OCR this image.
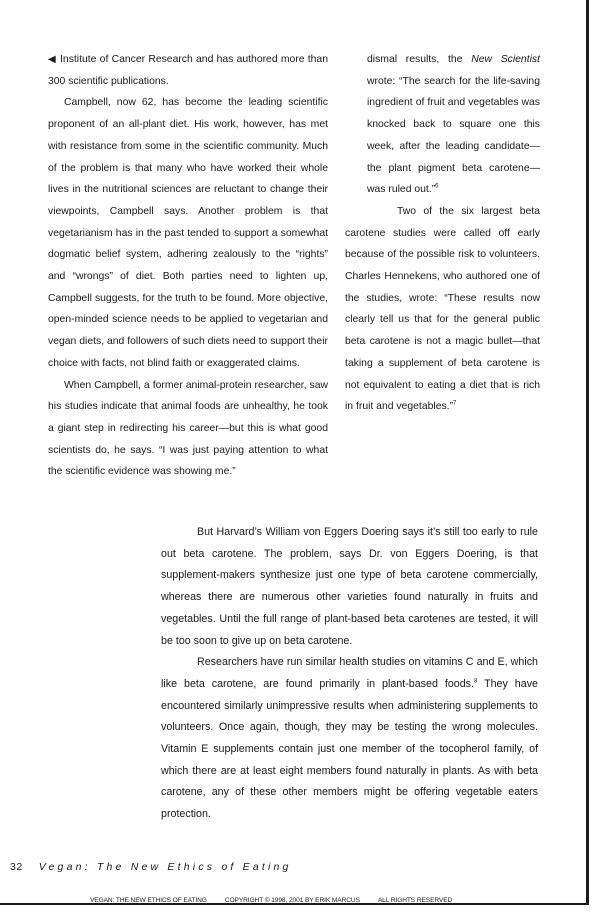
◀ Institute of Cancer Research and has authored more than 300 scientific publications.

Campbell, now 62, has become the leading scientific proponent of an all-plant diet. His work, however, has met with resistance from some in the scientific community. Much of the problem is that many who have worked their whole lives in the nutritional sciences are reluctant to change their viewpoints, Campbell says. Another problem is that vegetarianism has in the past tended to support a somewhat dogmatic belief system, adhering zealously to the “rights” and “wrongs” of diet. Both parties need to lighten up, Campbell suggests, for the truth to be found. More objective, open-minded science needs to be applied to vegetarian and vegan diets, and followers of such diets need to support their choice with facts, not blind faith or exaggerated claims.

When Campbell, a former animal-protein researcher, saw his studies indicate that animal foods are unhealthy, he took a giant step in redirecting his career—but this is what good scientists do, he says. “I was just paying attention to what the scientific evidence was showing me.”

dismal results, the New Scientist wrote: “The search for the life-saving ingredient of fruit and vegetables was knocked back to square one this week, after the leading candidate—the plant pigment beta carotene—was ruled out.”$^6$

Two of the six largest beta carotene studies were called off early because of the possible risk to volunteers. Charles Hennekens, who authored one of the studies, wrote: “These results now clearly tell us that for the general public beta carotene is not a magic bullet—that taking a supplement of beta carotene is not equivalent to eating a diet that is rich in fruit and vegetables.”$^7$

But Harvard’s William von Eggers Doering says it’s still too early to rule out beta carotene. The problem, says Dr. von Eggers Doering, is that supplement-makers synthesize just one type of beta carotene commercially, whereas there are numerous other varieties found naturally in fruits and vegetables. Until the full range of plant-based beta carotenes are tested, it will be too soon to give up on beta carotene.

Researchers have run similar health studies on vitamins C and E, which like beta carotene, are found primarily in plant-based foods.$^8$ They have encountered similarly unimpressive results when administering supplements to volunteers. Once again, though, they may be testing the wrong molecules. Vitamin E supplements contain just one member of the tocopherol family, of which there are at least eight members found naturally in plants. As with beta carotene, any of these other members might be offering vegetable eaters protection.

32 Vegan: The New Ethics of Eating
VEGAN: THE NEW ETHICS OF EATING	COPYRIGHT © 1998, 2001 BY ERIK MARCUS	ALL RIGHTS RESERVED
